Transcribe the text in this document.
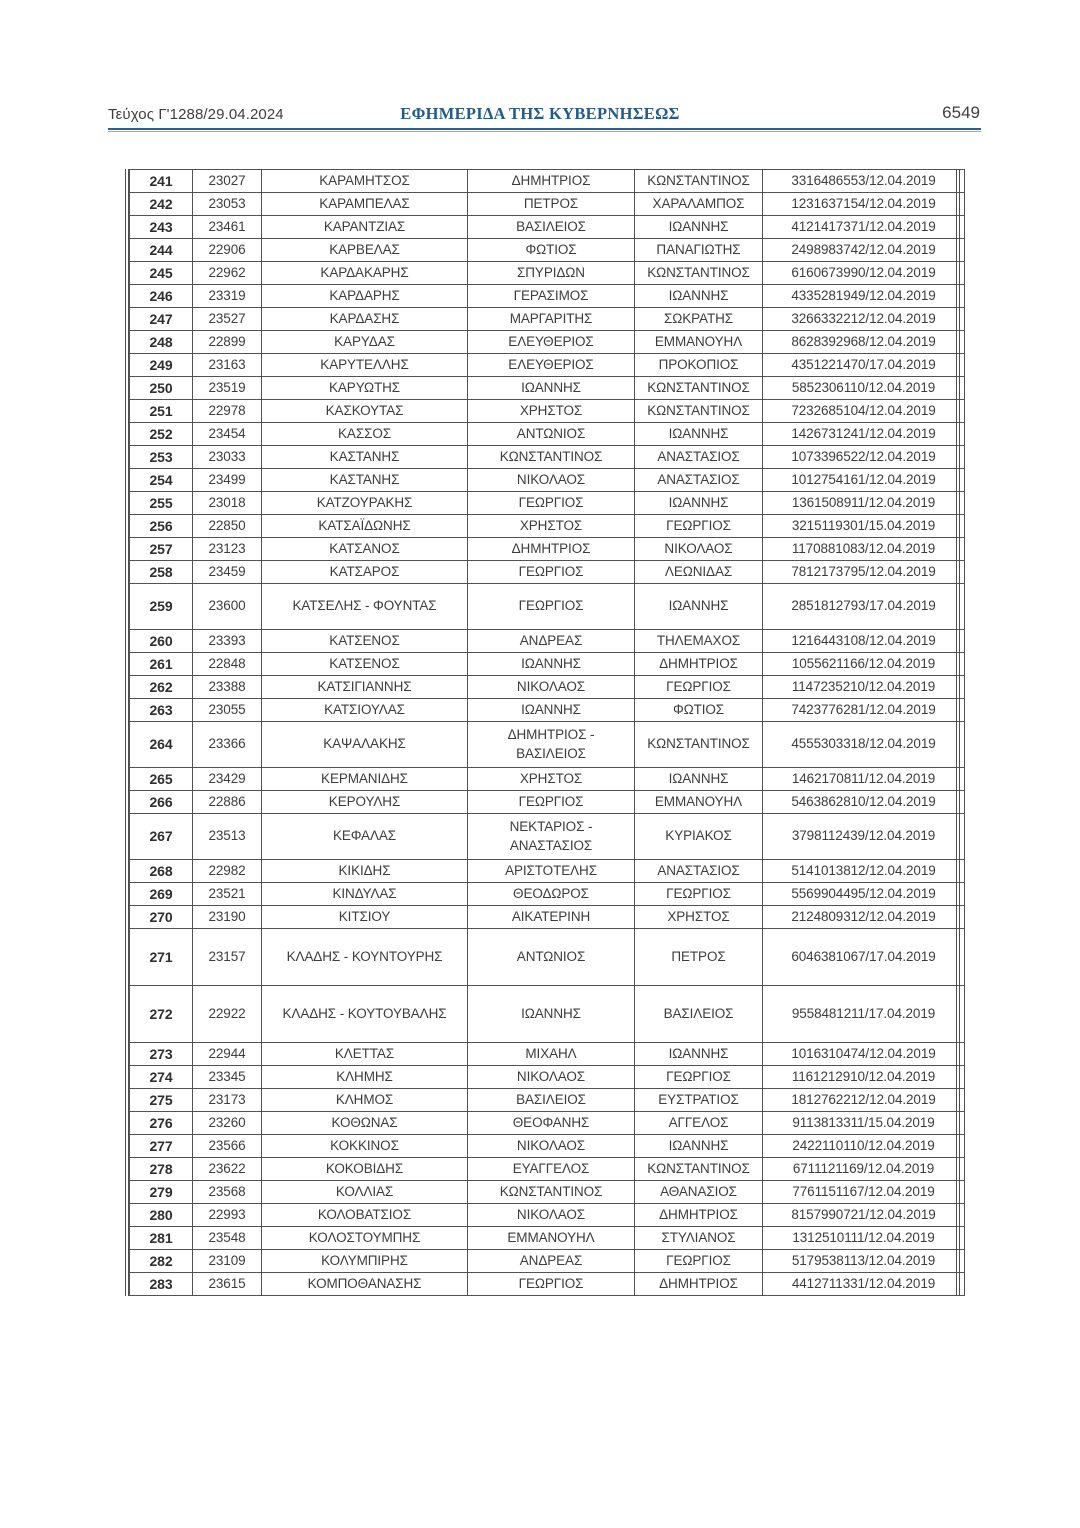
Τεύχος Γ'1288/29.04.2024	ΕΦΗΜΕΡΙΔΑ ΤΗΣ ΚΥΒΕΡΝΗΣΕΩΣ	6549
241	23027	ΚΑΡΑΜΗΤΣΟΣ	ΔΗΜΗΤΡΙΟΣ	ΚΩΝΣΤΑΝΤΙΝΟΣ	3316486553/12.04.2019
242	23053	ΚΑΡΑΜΠΕΛΑΣ	ΠΕΤΡΟΣ	ΧΑΡΑΛΑΜΠΟΣ	1231637154/12.04.2019
243	23461	ΚΑΡΑΝΤΖΙΑΣ	ΒΑΣΙΛΕΙΟΣ	ΙΩΑΝΝΗΣ	4121417371/12.04.2019
244	22906	ΚΑΡΒΕΛΑΣ	ΦΩΤΙΟΣ	ΠΑΝΑΓΙΩΤΗΣ	2498983742/12.04.2019
245	22962	ΚΑΡΔΑΚΑΡΗΣ	ΣΠΥΡΙΔΩΝ	ΚΩΝΣΤΑΝΤΙΝΟΣ	6160673990/12.04.2019
246	23319	ΚΑΡΔΑΡΗΣ	ΓΕΡΑΣΙΜΟΣ	ΙΩΑΝΝΗΣ	4335281949/12.04.2019
247	23527	ΚΑΡΔΑΣΗΣ	ΜΑΡΓΑΡΙΤΗΣ	ΣΩΚΡΑΤΗΣ	3266332212/12.04.2019
248	22899	ΚΑΡΥΔΑΣ	ΕΛΕΥΘΕΡΙΟΣ	ΕΜΜΑΝΟΥΗΛ	8628392968/12.04.2019
249	23163	ΚΑΡΥΤΕΛΛΗΣ	ΕΛΕΥΘΕΡΙΟΣ	ΠΡΟΚΟΠΙΟΣ	4351221470/17.04.2019
250	23519	ΚΑΡΥΩΤΗΣ	ΙΩΑΝΝΗΣ	ΚΩΝΣΤΑΝΤΙΝΟΣ	5852306110/12.04.2019
251	22978	ΚΑΣΚΟΥΤΑΣ	ΧΡΗΣΤΟΣ	ΚΩΝΣΤΑΝΤΙΝΟΣ	7232685104/12.04.2019
252	23454	ΚΑΣΣΟΣ	ΑΝΤΩΝΙΟΣ	ΙΩΑΝΝΗΣ	1426731241/12.04.2019
253	23033	ΚΑΣΤΑΝΗΣ	ΚΩΝΣΤΑΝΤΙΝΟΣ	ΑΝΑΣΤΑΣΙΟΣ	1073396522/12.04.2019
254	23499	ΚΑΣΤΑΝΗΣ	ΝΙΚΟΛΑΟΣ	ΑΝΑΣΤΑΣΙΟΣ	1012754161/12.04.2019
255	23018	ΚΑΤΖΟΥΡΑΚΗΣ	ΓΕΩΡΓΙΟΣ	ΙΩΑΝΝΗΣ	1361508911/12.04.2019
256	22850	ΚΑΤΣΑΪΔΩΝΗΣ	ΧΡΗΣΤΟΣ	ΓΕΩΡΓΙΟΣ	3215119301/15.04.2019
257	23123	ΚΑΤΣΑΝΟΣ	ΔΗΜΗΤΡΙΟΣ	ΝΙΚΟΛΑΟΣ	1170881083/12.04.2019
258	23459	ΚΑΤΣΑΡΟΣ	ΓΕΩΡΓΙΟΣ	ΛΕΩΝΙΔΑΣ	7812173795/12.04.2019
259	23600	ΚΑΤΣΕΛΗΣ - ΦΟΥΝΤΑΣ	ΓΕΩΡΓΙΟΣ	ΙΩΑΝΝΗΣ	2851812793/17.04.2019
260	23393	ΚΑΤΣΕΝΟΣ	ΑΝΔΡΕΑΣ	ΤΗΛΕΜΑΧΟΣ	1216443108/12.04.2019
261	22848	ΚΑΤΣΕΝΟΣ	ΙΩΑΝΝΗΣ	ΔΗΜΗΤΡΙΟΣ	1055621166/12.04.2019
262	23388	ΚΑΤΣΙΓΙΑΝΝΗΣ	ΝΙΚΟΛΑΟΣ	ΓΕΩΡΓΙΟΣ	1147235210/12.04.2019
263	23055	ΚΑΤΣΙΟΥΛΑΣ	ΙΩΑΝΝΗΣ	ΦΩΤΙΟΣ	7423776281/12.04.2019
264	23366	ΚΑΨΑΛΑΚΗΣ	ΔΗΜΗΤΡΙΟΣ - ΒΑΣΙΛΕΙΟΣ	ΚΩΝΣΤΑΝΤΙΝΟΣ	4555303318/12.04.2019
265	23429	ΚΕΡΜΑΝΙΔΗΣ	ΧΡΗΣΤΟΣ	ΙΩΑΝΝΗΣ	1462170811/12.04.2019
266	22886	ΚΕΡΟΥΛΗΣ	ΓΕΩΡΓΙΟΣ	ΕΜΜΑΝΟΥΗΛ	5463862810/12.04.2019
267	23513	ΚΕΦΑΛΑΣ	ΝΕΚΤΑΡΙΟΣ - ΑΝΑΣΤΑΣΙΟΣ	ΚΥΡΙΑΚΟΣ	3798112439/12.04.2019
268	22982	ΚΙΚΙΔΗΣ	ΑΡΙΣΤΟΤΕΛΗΣ	ΑΝΑΣΤΑΣΙΟΣ	5141013812/12.04.2019
269	23521	ΚΙΝΔΥΛΑΣ	ΘΕΟΔΩΡΟΣ	ΓΕΩΡΓΙΟΣ	5569904495/12.04.2019
270	23190	ΚΙΤΣΙΟΥ	ΑΙΚΑΤΕΡΙΝΗ	ΧΡΗΣΤΟΣ	2124809312/12.04.2019
271	23157	ΚΛΑΔΗΣ - ΚΟΥΝΤΟΥΡΗΣ	ΑΝΤΩΝΙΟΣ	ΠΕΤΡΟΣ	6046381067/17.04.2019
272	22922	ΚΛΑΔΗΣ - ΚΟΥΤΟΥΒΑΛΗΣ	ΙΩΑΝΝΗΣ	ΒΑΣΙΛΕΙΟΣ	9558481211/17.04.2019
273	22944	ΚΛΕΤΤΑΣ	ΜΙΧΑΗΛ	ΙΩΑΝΝΗΣ	1016310474/12.04.2019
274	23345	ΚΛΗΜΗΣ	ΝΙΚΟΛΑΟΣ	ΓΕΩΡΓΙΟΣ	1161212910/12.04.2019
275	23173	ΚΛΗΜΟΣ	ΒΑΣΙΛΕΙΟΣ	ΕΥΣΤΡΑΤΙΟΣ	1812762212/12.04.2019
276	23260	ΚΟΘΩΝΑΣ	ΘΕΟΦΑΝΗΣ	ΑΓΓΕΛΟΣ	9113813311/15.04.2019
277	23566	ΚΟΚΚΙΝΟΣ	ΝΙΚΟΛΑΟΣ	ΙΩΑΝΝΗΣ	2422110110/12.04.2019
278	23622	ΚΟΚΟΒΙΔΗΣ	ΕΥΑΓΓΕΛΟΣ	ΚΩΝΣΤΑΝΤΙΝΟΣ	6711121169/12.04.2019
279	23568	ΚΟΛΛΙΑΣ	ΚΩΝΣΤΑΝΤΙΝΟΣ	ΑΘΑΝΑΣΙΟΣ	7761151167/12.04.2019
280	22993	ΚΟΛΟΒΑΤΣΙΟΣ	ΝΙΚΟΛΑΟΣ	ΔΗΜΗΤΡΙΟΣ	8157990721/12.04.2019
281	23548	ΚΟΛΟΣΤΟΥΜΠΗΣ	ΕΜΜΑΝΟΥΗΛ	ΣΤΥΛΙΑΝΟΣ	1312510111/12.04.2019
282	23109	ΚΟΛΥΜΠΙΡΗΣ	ΑΝΔΡΕΑΣ	ΓΕΩΡΓΙΟΣ	5179538113/12.04.2019
283	23615	ΚΟΜΠΟΘΑΝΑΣΗΣ	ΓΕΩΡΓΙΟΣ	ΔΗΜΗΤΡΙΟΣ	4412711331/12.04.2019
